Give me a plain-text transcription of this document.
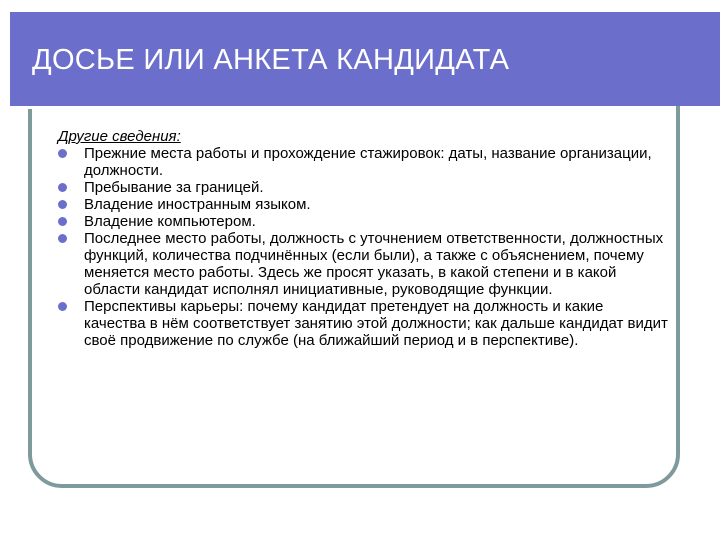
ДОСЬЕ ИЛИ АНКЕТА КАНДИДАТА

Другие сведения:

Прежние места работы и прохождение стажировок: даты, название организации, должности.
Пребывание за границей.
Владение иностранным языком.
Владение компьютером.
Последнее место работы, должность с уточнением ответственности, должностных функций, количества подчинённых (если были), а также с объяснением, почему меняется место работы. Здесь же просят указать, в какой степени и в какой области кандидат исполнял инициативные, руководящие функции.
Перспективы карьеры: почему кандидат претендует на должность и какие качества в нём соответствует занятию этой должности; как дальше кандидат видит своё продвижение по службе (на ближайший период и в перспективе).
